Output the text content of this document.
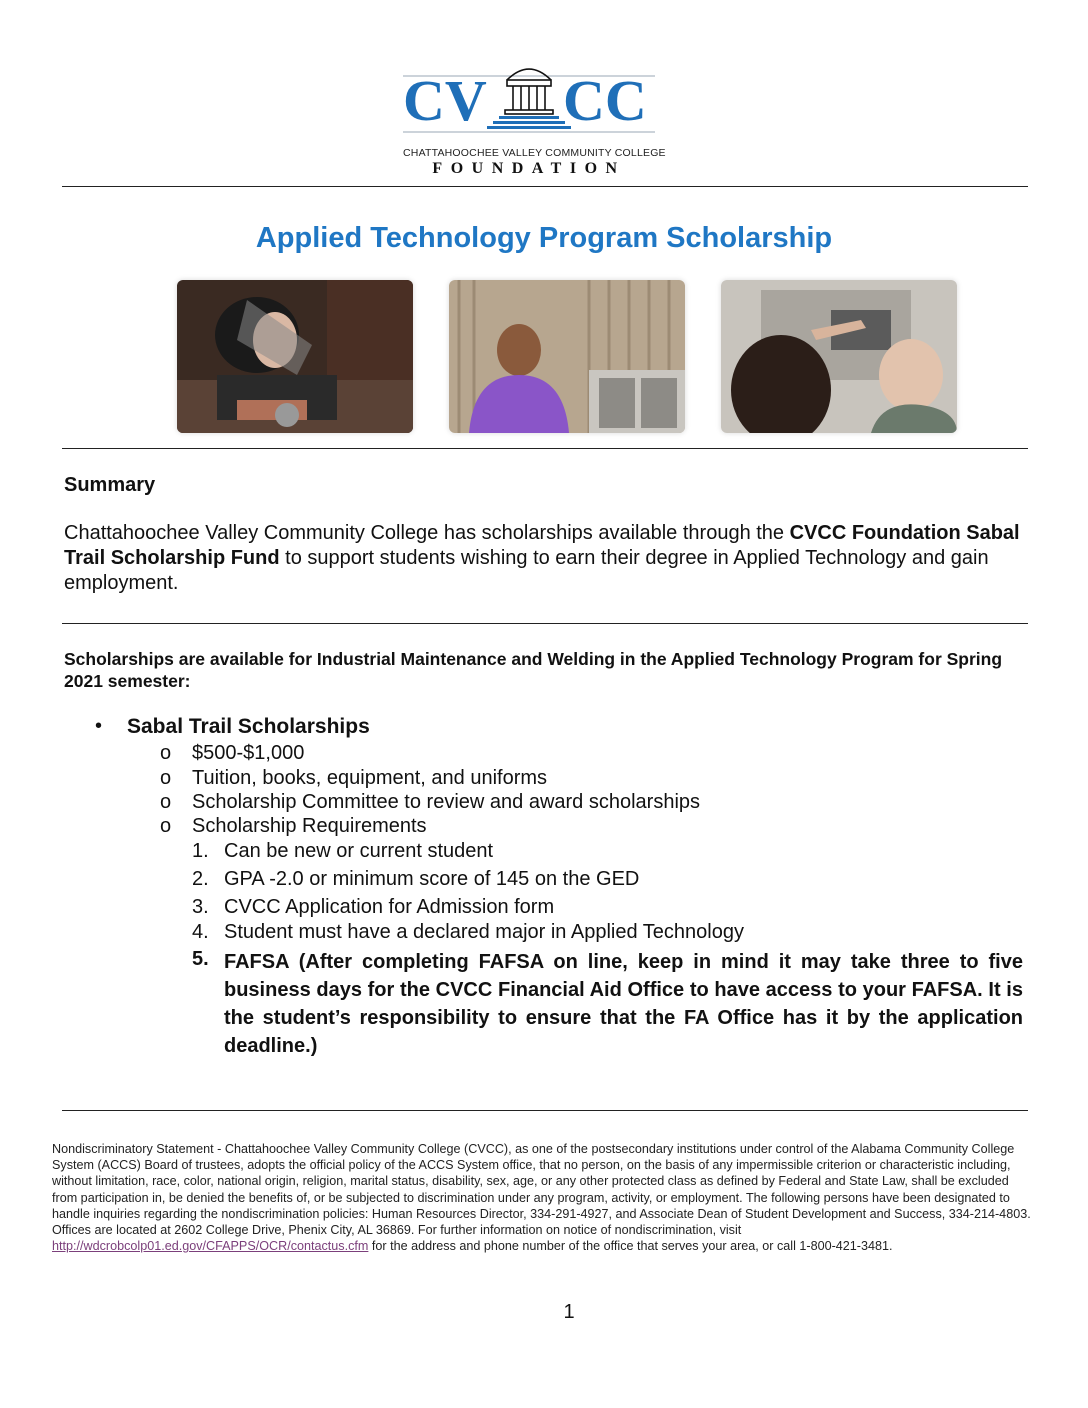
CV CC
CHATTAHOOCHEE VALLEY COMMUNITY COLLEGE
FOUNDATION
Applied Technology Program Scholarship
Summary
Chattahoochee Valley Community College has scholarships available through the CVCC Foundation Sabal Trail Scholarship Fund to support students wishing to earn their degree in Applied Technology and gain employment.
Scholarships are available for Industrial Maintenance and Welding in the Applied Technology Program for Spring 2021 semester:
• Sabal Trail Scholarships
o $500-$1,000
o Tuition, books, equipment, and uniforms
o Scholarship Committee to review and award scholarships
o Scholarship Requirements
1. Can be new or current student
2. GPA -2.0 or minimum score of 145 on the GED
3. CVCC Application for Admission form
4. Student must have a declared major in Applied Technology
5. FAFSA (After completing FAFSA on line, keep in mind it may take three to five business days for the CVCC Financial Aid Office to have access to your FAFSA. It is the student’s responsibility to ensure that the FA Office has it by the application deadline.)
Nondiscriminatory Statement - Chattahoochee Valley Community College (CVCC), as one of the postsecondary institutions under control of the Alabama Community College System (ACCS) Board of trustees, adopts the official policy of the ACCS System office, that no person, on the basis of any impermissible criterion or characteristic including, without limitation, race, color, national origin, religion, marital status, disability, sex, age, or any other protected class as defined by Federal and State Law, shall be excluded from participation in, be denied the benefits of, or be subjected to discrimination under any program, activity, or employment. The following persons have been designated to handle inquiries regarding the nondiscrimination policies: Human Resources Director, 334-291-4927, and Associate Dean of Student Development and Success, 334-214-4803. Offices are located at 2602 College Drive, Phenix City, AL 36869. For further information on notice of nondiscrimination, visit http://wdcrobcolp01.ed.gov/CFAPPS/OCR/contactus.cfm for the address and phone number of the office that serves your area, or call 1-800-421-3481.
1
